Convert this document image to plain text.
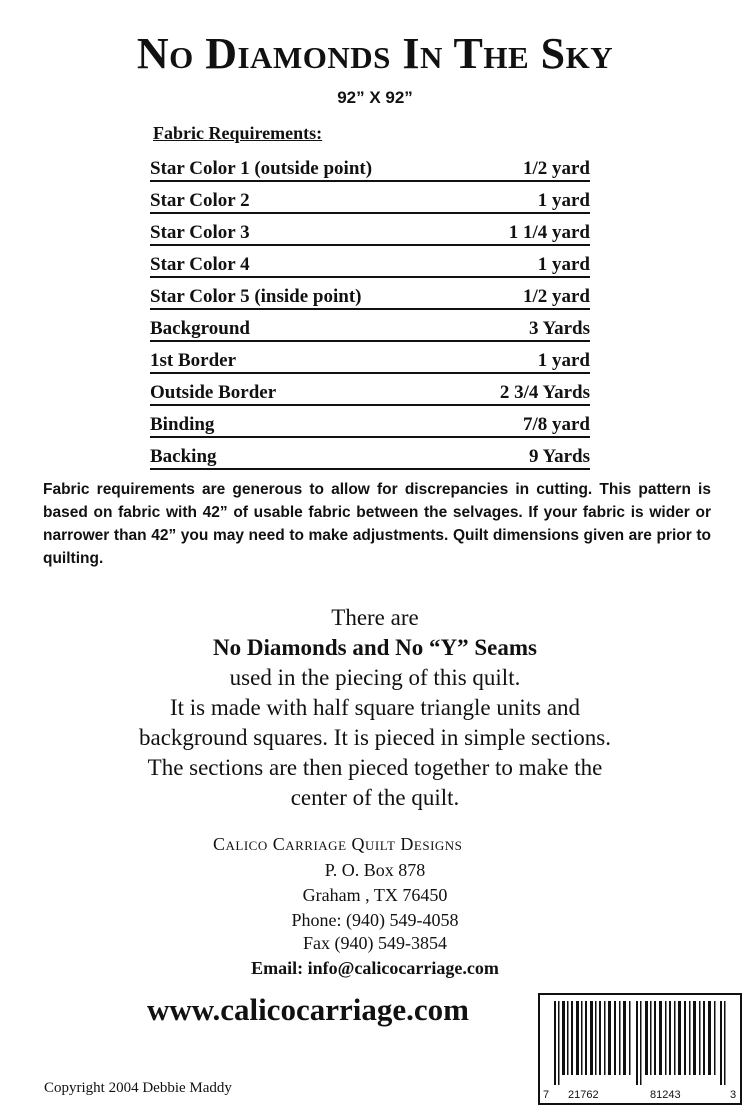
No Diamonds In The Sky
92” X 92”
Fabric Requirements:
Star Color 1 (outside point)	1/2 yard
Star Color 2	1 yard
Star Color 3	1 1/4 yard
Star Color 4	1 yard
Star Color 5 (inside point)	1/2 yard
Background	3 Yards
1st Border	1 yard
Outside Border	2 3/4 Yards
Binding	7/8 yard
Backing	9 Yards
Fabric requirements are generous to allow for discrepancies in cutting. This pattern is based on fabric with 42” of usable fabric between the selvages. If your fabric is wider or narrower than 42” you may need to make adjustments. Quilt dimensions given are prior to quilting.
There are
No Diamonds and No “Y” Seams
used in the piecing of this quilt.
It is made with half square triangle units and
background squares. It is pieced in simple sections.
The sections are then pieced together to make the
center of the quilt.
Calico Carriage Quilt Designs
P. O. Box 878
Graham , TX 76450
Phone: (940) 549-4058
Fax (940) 549-3854
Email: info@calicocarriage.com
www.calicocarriage.com
Copyright 2004 Debbie Maddy	7 21762	81243	3
